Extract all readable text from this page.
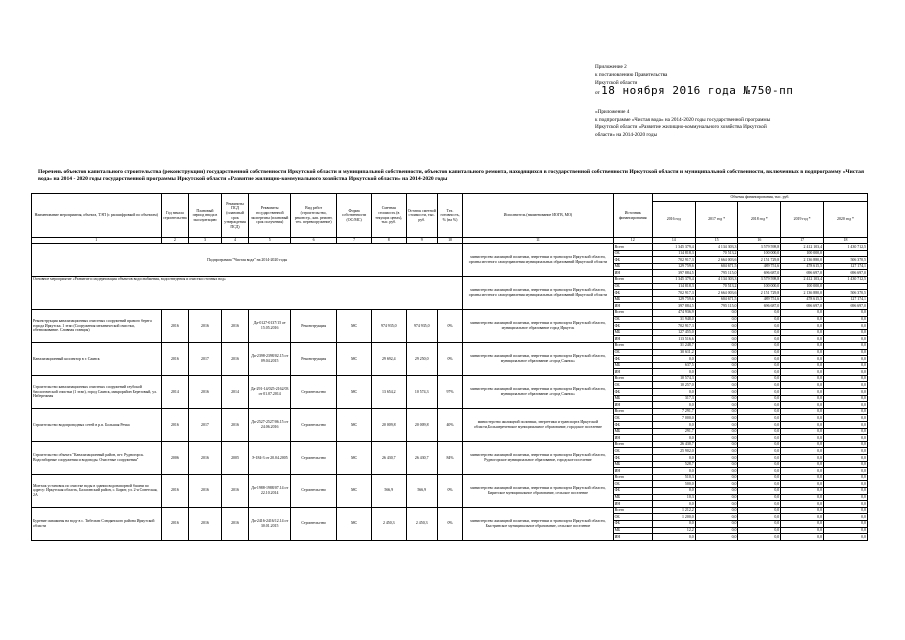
Приложение 2
к постановлению Правительства
Иркутской области
от 18 ноября 2016 года №750-пп
«Приложение 4
к подпрограмме «Чистая вода» на 2014-2020 годы государственной программы
Иркутской области «Развитие жилищно-коммунального хозяйства Иркутской
области» на 2014-2020 годы
Перечень объектов капитального строительства (реконструкции) государственной собственности Иркутской области и муниципальной собственности, объектов капитального ремонта, находящихся в государственной собственности Иркутской области и муниципальной собственности, включенных в подпрограмму «Чистая вода» на 2014 - 2020 годы государственной программы Иркутской области «Развитие жилищно-коммунального хозяйства Иркутской области» на 2014-2020 годы
Наименование мероприятия, объекта, ТЭП (с расшифровкой по объектам)	Год начала строительства	Плановый период ввода в эксплуатацию	Реквизиты ПСД (плановый срок утверждения ПСД)	Реквизиты государственной экспертизы (плановый срок получения)	Вид работ (строительство, реконстр., кап. ремонт, тех. перевооружение)	Форма собственности (ОС/МС)	Сметная стоимость (в текущих ценах), тыс. руб.	Остаток сметной стоимости, тыс. руб.	Тех. готовность, % (на %)	Исполнитель (наименование ИОГВ, МО)	Источник финансирования	Объемы финансирования, тыс. руб.				
												2016 год	2017 год *	2018 год *	2019 год *	2020 год *
1	2	3	4	5	6	7	8	9	10	11	12	14	15	16	17	18
Подпрограмма "Чистая вода" на 2014-2020 годы										министерство жилищной политики, энергетики и транспорта Иркутской области, органы местного самоуправления муниципальных образований Иркутской области	Всего	1 345 379,4	4 134 303,3	3 579 598,8	2 412 103,4	1 430 712,5
											ОБ	114 818,3	70 513,2	100 000,0	100 000,0	
											ФБ	702 917,3	2 664 003,6	2 151 729,8	2 136 880,0	506 370,5
											МБ	129 759,6	604 671,5	489 751,6	478 615,5	127 174,1
											ИН	397 884,5	795 115,0	696 687,0	696 697,0	696 697,0
Основное мероприятие «Развитие и модернизация объектов водоснабжения, водоотведения и очистки сточных вод»										министерство жилищной политики, энергетики и транспорта Иркутской области, органы местного самоуправления муниципальных образований Иркутской области	Всего	1 345 379,4	4 134 303,3	3 579 598,8	2 412 103,4	1 430 712,5
											ОБ	114 818,3	70 513,2	100 000,0	100 000,0	
											ФБ	702 917,3	2 664 003,6	2 151 729,8	2 136 880,0	506 370,5
											МБ	129 759,6	604 671,5	489 751,6	478 615,5	127 174,1
											ИН	397 884,5	795 115,0	696 687,0	696 697,0	696 697,0
Реконструкция канализационных очистных сооружений правого берега города Иркутска. 1 этап (Сооружения механической очистки, обезвоживание. Сливная станция)	2016	2016	2016	Да-0127-0137/15 от 15.05.2016	Реконструкция	МС	974 935,0	974 935,0	0%	министерство жилищной политики, энергетики и транспорта Иркутской области, муниципальное образование город Иркутск	Всего	474 936,9	0,0	0,0	0,0	0,0
											ОБ	31 948,0	0,0	0,0	0,0	0,0
											ФБ	702 917,3	0,0	0,0	0,0	0,0
											МБ	127 455,0	0,0	0,0	0,0	0,0
											ИН	113 516,6	0,0	0,0	0,0	0,0
Канализационный коллектор в г. Саянск	2016	2017	2016	Да-2398-2398/02.15 от 09.04.2015	Реконструкция	МС	29 692,4	29 250,0	0%	министерство жилищной политики, энергетики и транспорта Иркутской области, муниципальное образование «город Саянск»	Всего	31 248,7	0,0	0,0	0,0	0,0
											ОБ	30 611,2	0,0	0,0	0,0	0,0
											ФБ	0,0	0,0	0,0	0,0	0,0
											МБ	637,5	0,0	0,0	0,0	0,0
											ИН	0,0	0,0	0,0	0,0	0,0
Строительство канализационных очистных сооружений глубокой биологической очистки (1 этап), город Саянск, микрорайон Березовый, ул. Набережная	2014	2016	2014	Да-291-14/025-2162/03 от 01.07.2014	Строительство	МС	13 654,2	10 574,3	97%	министерство жилищной политики, энергетики и транспорта Иркутской области, муниципальное образование «город Саянск»	Всего	10 574,3	0,0	0,0	0,0	0,0
											ОБ	10 257,0	0,0	0,0	0,0	0,0
											ФБ	0,0	0,0	0,0	0,0	0,0
											МБ	317,3	0,0	0,0	0,0	0,0
											ИН	0,0	0,0	0,0	0,0	0,0
Строительство водопроводных сетей в р.п. Большая Речка	2016	2017	2016	Да-2527-2527/06.15 от 24.06.2016	Строительство	МС	20 009,8	20 009,8	40%	министерство жилищной политики, энергетики и транспорта Иркутской области,Большереченское муниципальное образование, городское поселение	Всего	7 291,7	0,0	0,0	0,0	0,0
											ОБ	7 000,0	0,0	0,0	0,0	0,0
											ФБ	0,0	0,0	0,0	0,0	0,0
											МБ	291,7	0,0	0,0	0,0	0,0
											ИН	0,0	0,0	0,0	0,0	0,0
Строительство объекта "Канализационный район, пгт. Рудногорск. Водозаборные сооружения и водоводы. Очистные сооружения"	2006	2016	2005	Э-184-3 от 20.04.2005	Строительство	МС	26 430,7	26 430,7	84%	министерство жилищной политики, энергетики и транспорта Иркутской области, Рудногорское муниципальное образование, городское поселение	Всего	26 430,7	0,0	0,0	0,0	0,0
											ОБ	25 902,0	0,0	0,0	0,0	0,0
											ФБ	0,0	0,0	0,0	0,0	0,0
											МБ	528,7	0,0	0,0	0,0	0,0
											ИН	0,0	0,0	0,0	0,0	0,0
Монтаж установок по очистке воды в здании водонапорной башни по адресу: Иркутская область, Балаганский район, с. Бирит, ул. 2-я Советская, 2А	2016	2016	2016	Да-1988-1988/07.14 от 22.10.2014	Строительство	МС	566,9	566,9	0%	министерство жилищной политики, энергетики и транспорта Иркутской области, Биритское муниципальное образование, сельское поселение	Всего	510,3	0,0	0,0	0,0	0,0
											ОБ	500,0	0,0	0,0	0,0	0,0
											ФБ	0,0	0,0	0,0	0,0	0,0
											МБ	10,3	0,0	0,0	0,0	0,0
											ИН	0,0	0,0	0,0	0,0	0,0
Бурение скважины на воду в с. Тибельти Слюдянского района Иркутской области	2016	2016	2016	Да-2416-2416/12.14 от 30.01.2015	Строительство	МС	2 450,3	2 450,3	0%	министерство жилищной политики, энергетики и транспорта Иркутской области, Быстринское муниципальное образование, сельское поселение	Всего	1 212,2	0,0	0,0	0,0	0,0
											ОБ	1 200,0	0,0	0,0	0,0	0,0
											ФБ	0,0	0,0	0,0	0,0	0,0
											МБ	12,2	0,0	0,0	0,0	0,0
											ИН	0,0	0,0	0,0	0,0	0,0
